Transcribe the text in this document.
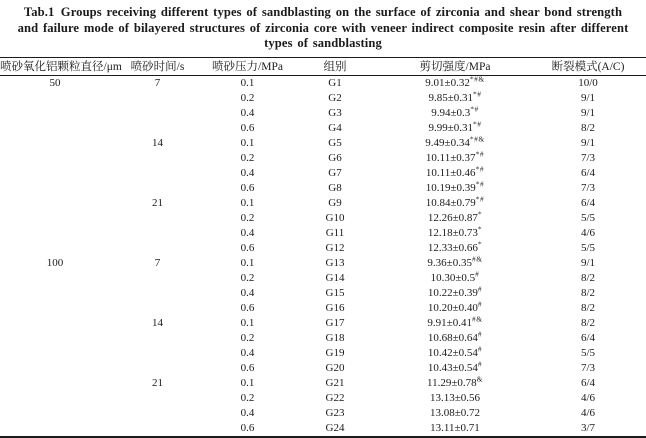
Tab.1 Groups receiving different types of sandblasting on the surface of zirconia and shear bond strength and failure mode of bilayered structures of zirconia core with veneer indirect composite resin after different types of sandblasting

喷砂氧化铝颗粒直径/μm	喷砂时间/s	喷砂压力/MPa	组别	剪切强度/MPa	断裂模式(A/C)
50	7	0.1	G1	9.01±0.32*#&	10/0
		0.2	G2	9.85±0.31*#	9/1
		0.4	G3	9.94±0.3*#	9/1
		0.6	G4	9.99±0.31*#	8/2
	14	0.1	G5	9.49±0.34*#&	9/1
		0.2	G6	10.11±0.37*#	7/3
		0.4	G7	10.11±0.46*#	6/4
		0.6	G8	10.19±0.39*#	7/3
	21	0.1	G9	10.84±0.79*#	6/4
		0.2	G10	12.26±0.87*	5/5
		0.4	G11	12.18±0.73*	4/6
		0.6	G12	12.33±0.66*	5/5
100	7	0.1	G13	9.36±0.35#&	9/1
		0.2	G14	10.30±0.5#	8/2
		0.4	G15	10.22±0.39#	8/2
		0.6	G16	10.20±0.40#	8/2
	14	0.1	G17	9.91±0.41#&	8/2
		0.2	G18	10.68±0.64#	6/4
		0.4	G19	10.42±0.54#	5/5
		0.6	G20	10.43±0.54#	7/3
	21	0.1	G21	11.29±0.78&	6/4
		0.2	G22	13.13±0.56	4/6
		0.4	G23	13.08±0.72	4/6
		0.6	G24	13.11±0.71	3/7
